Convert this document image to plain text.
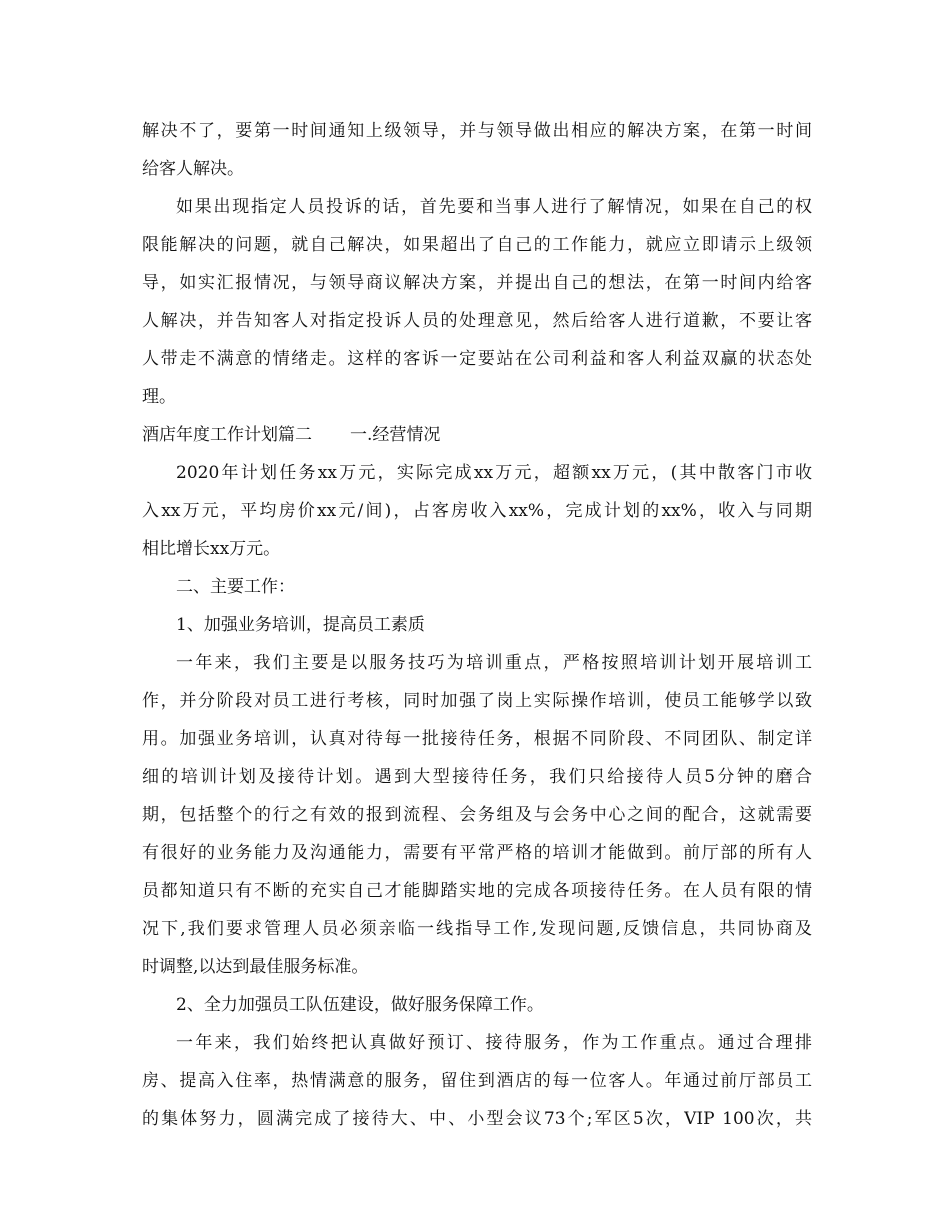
解决不了，要第一时间通知上级领导，并与领导做出相应的解决方案，在第一时间
给客人解决。
如果出现指定人员投诉的话，首先要和当事人进行了解情况，如果在自己的权
限能解决的问题，就自己解决，如果超出了自己的工作能力，就应立即请示上级领
导，如实汇报情况，与领导商议解决方案，并提出自己的想法，在第一时间内给客
人解决，并告知客人对指定投诉人员的处理意见，然后给客人进行道歉，不要让客
人带走不满意的情绪走。这样的客诉一定要站在公司利益和客人利益双赢的状态处
理。
酒店年度工作计划篇二 一.经营情况
2020年计划任务xx万元，实际完成xx万元，超额xx万元，(其中散客门市收
入xx万元，平均房价xx元/间)，占客房收入xx%，完成计划的xx%，收入与同期
相比增长xx万元。
二、主要工作：
1、加强业务培训，提高员工素质
一年来，我们主要是以服务技巧为培训重点，严格按照培训计划开展培训工
作，并分阶段对员工进行考核，同时加强了岗上实际操作培训，使员工能够学以致
用。加强业务培训，认真对待每一批接待任务，根据不同阶段、不同团队、制定详
细的培训计划及接待计划。遇到大型接待任务，我们只给接待人员5分钟的磨合
期，包括整个的行之有效的报到流程、会务组及与会务中心之间的配合，这就需要
有很好的业务能力及沟通能力，需要有平常严格的培训才能做到。前厅部的所有人
员都知道只有不断的充实自己才能脚踏实地的完成各项接待任务。在人员有限的情
况下,我们要求管理人员必须亲临一线指导工作,发现问题,反馈信息，共同协商及
时调整,以达到最佳服务标准。
2、全力加强员工队伍建设，做好服务保障工作。
一年来，我们始终把认真做好预订、接待服务，作为工作重点。通过合理排
房、提高入住率，热情满意的服务，留住到酒店的每一位客人。年通过前厅部员工
的集体努力，圆满完成了接待大、中、小型会议73个;军区5次，VIP 100次，共
